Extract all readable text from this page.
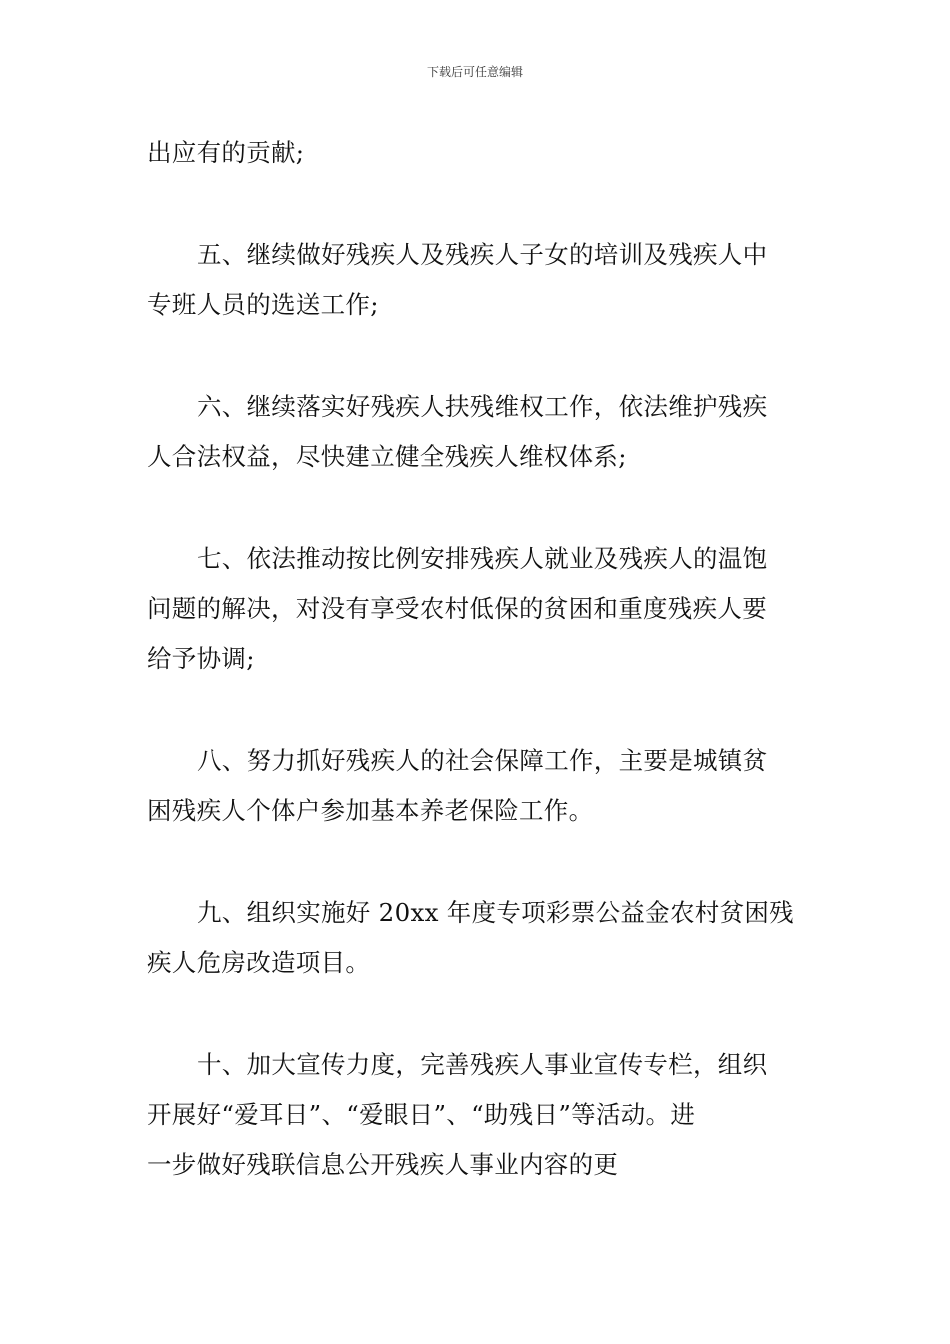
下载后可任意编辑
出应有的贡献;
五、继续做好残疾人及残疾人子女的培训及残疾人中
专班人员的选送工作;
六、继续落实好残疾人扶残维权工作，依法维护残疾
人合法权益，尽快建立健全残疾人维权体系;
七、依法推动按比例安排残疾人就业及残疾人的温饱
问题的解决，对没有享受农村低保的贫困和重度残疾人要
给予协调;
八、努力抓好残疾人的社会保障工作，主要是城镇贫
困残疾人个体户参加基本养老保险工作。
九、组织实施好 20xx 年度专项彩票公益金农村贫困残
疾人危房改造项目。
十、加大宣传力度，完善残疾人事业宣传专栏，组织
开展好“爱耳日”、“爱眼日”、“助残日”等活动。进
一步做好残联信息公开残疾人事业内容的更
